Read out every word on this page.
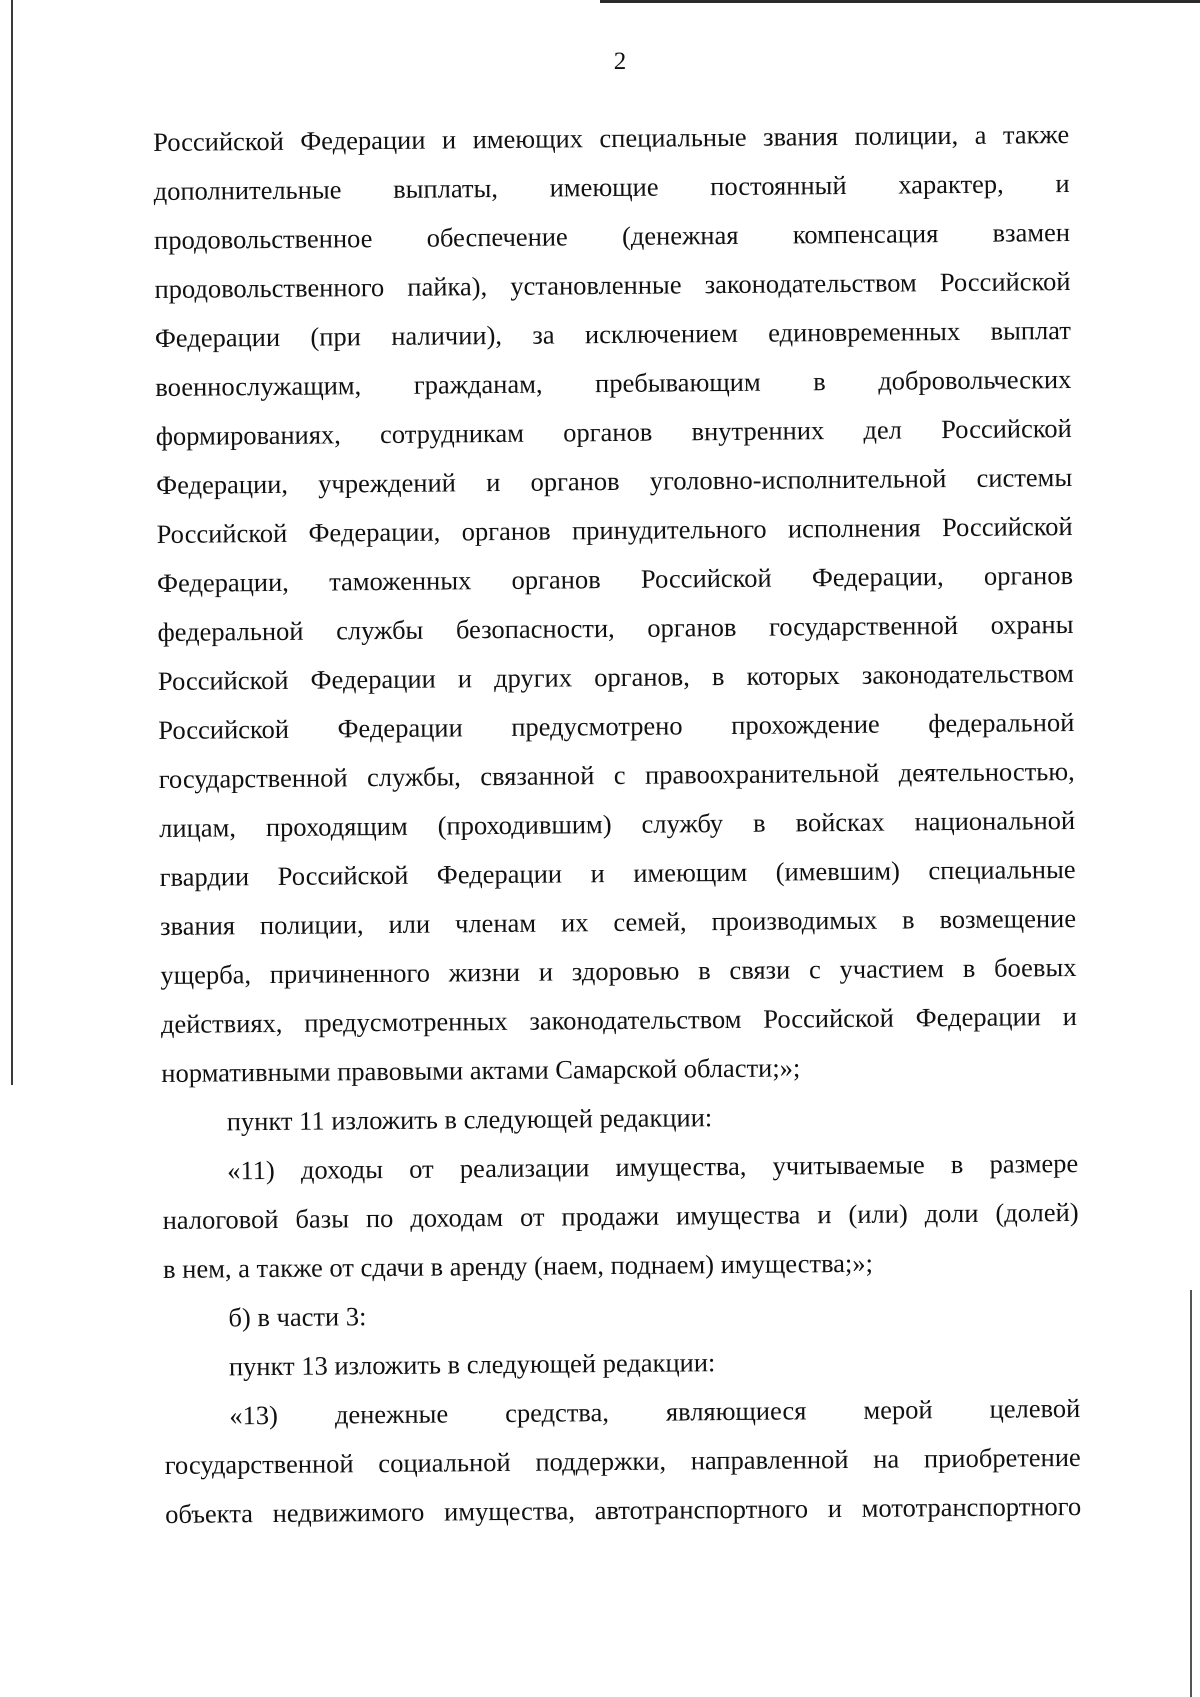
2
Российской Федерации и имеющих специальные звания полиции, а также
дополнительные выплаты, имеющие постоянный характер, и
продовольственное обеспечение (денежная компенсация взамен
продовольственного пайка), установленные законодательством Российской
Федерации (при наличии), за исключением единовременных выплат
военнослужащим, гражданам, пребывающим в добровольческих
формированиях, сотрудникам органов внутренних дел Российской
Федерации, учреждений и органов уголовно-исполнительной системы
Российской Федерации, органов принудительного исполнения Российской
Федерации, таможенных органов Российской Федерации, органов
федеральной службы безопасности, органов государственной охраны
Российской Федерации и других органов, в которых законодательством
Российской Федерации предусмотрено прохождение федеральной
государственной службы, связанной с правоохранительной деятельностью,
лицам, проходящим (проходившим) службу в войсках национальной
гвардии Российской Федерации и имеющим (имевшим) специальные
звания полиции, или членам их семей, производимых в возмещение
ущерба, причиненного жизни и здоровью в связи с участием в боевых
действиях, предусмотренных законодательством Российской Федерации и
нормативными правовыми актами Самарской области;»;
пункт 11 изложить в следующей редакции:
«11) доходы от реализации имущества, учитываемые в размере
налоговой базы по доходам от продажи имущества и (или) доли (долей)
в нем, а также от сдачи в аренду (наем, поднаем) имущества;»;
б) в части 3:
пункт 13 изложить в следующей редакции:
«13) денежные средства, являющиеся мерой целевой
государственной социальной поддержки, направленной на приобретение
объекта недвижимого имущества, автотранспортного и мототранспортного
